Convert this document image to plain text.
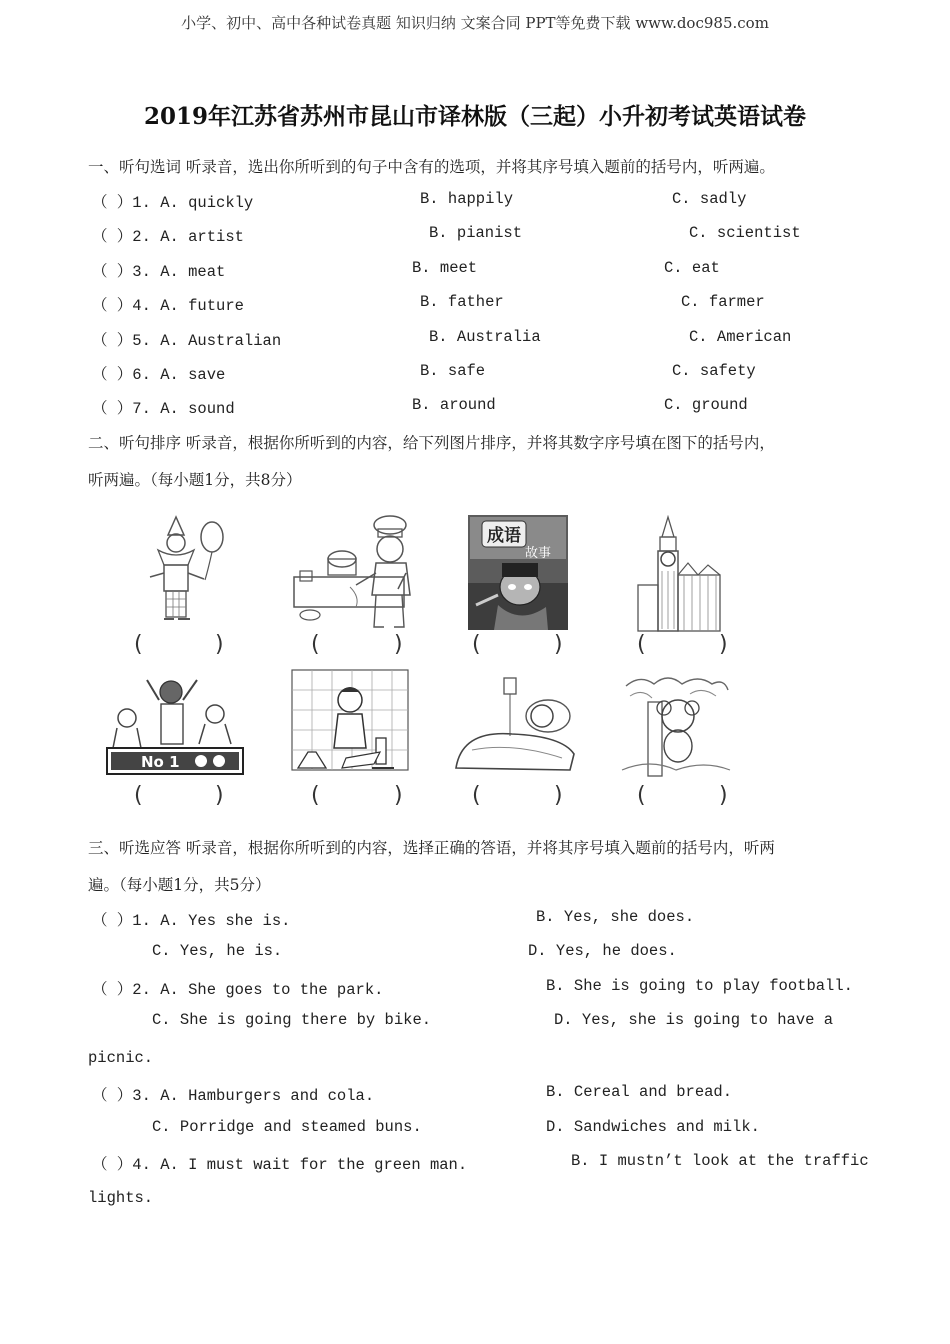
小学、初中、高中各种试卷真题 知识归纳 文案合同 PPT等免费下载 www.doc985.com
2019年江苏省苏州市昆山市译林版（三起）小升初考试英语试卷
一、听句选词 听录音，选出你所听到的句子中含有的选项，并将其序号填入题前的括号内，听两遍。
（ ）1. A. quickly	B. happily	C. sadly
（ ）2. A. artist	B. pianist	C. scientist
（ ）3. A. meat	B. meet	C. eat
（ ）4. A. future	B. father	C. farmer
（ ）5. A. Australian	B. Australia	C. American
（ ）6. A. save	B. safe	C. safety
（ ）7. A. sound	B. around	C. ground
二、听句排序 听录音，根据你所听到的内容，给下列图片排序，并将其数字序号填在图下的括号内，
听两遍。（每小题1分，共8分）
成语
故事
No 1
(	)	(	)	(	)	(	)
(	)	(	)	(	)	(	)
三、听选应答 听录音，根据你所听到的内容，选择正确的答语，并将其序号填入题前的括号内，听两
遍。（每小题1分，共5分）
（ ）1. A. Yes she is.	B. Yes, she does.
C. Yes, he is.	D. Yes, he does.
（ ）2. A. She goes to the park.	B. She is going to play football.
C. She is going there by bike.	D. Yes, she is going to have a
picnic.
（ ）3. A. Hamburgers and cola.	B. Cereal and bread.
C. Porridge and steamed buns.	D. Sandwiches and milk.
（ ）4. A. I must wait for the green man.	B. I mustn’t look at the traffic
lights.
